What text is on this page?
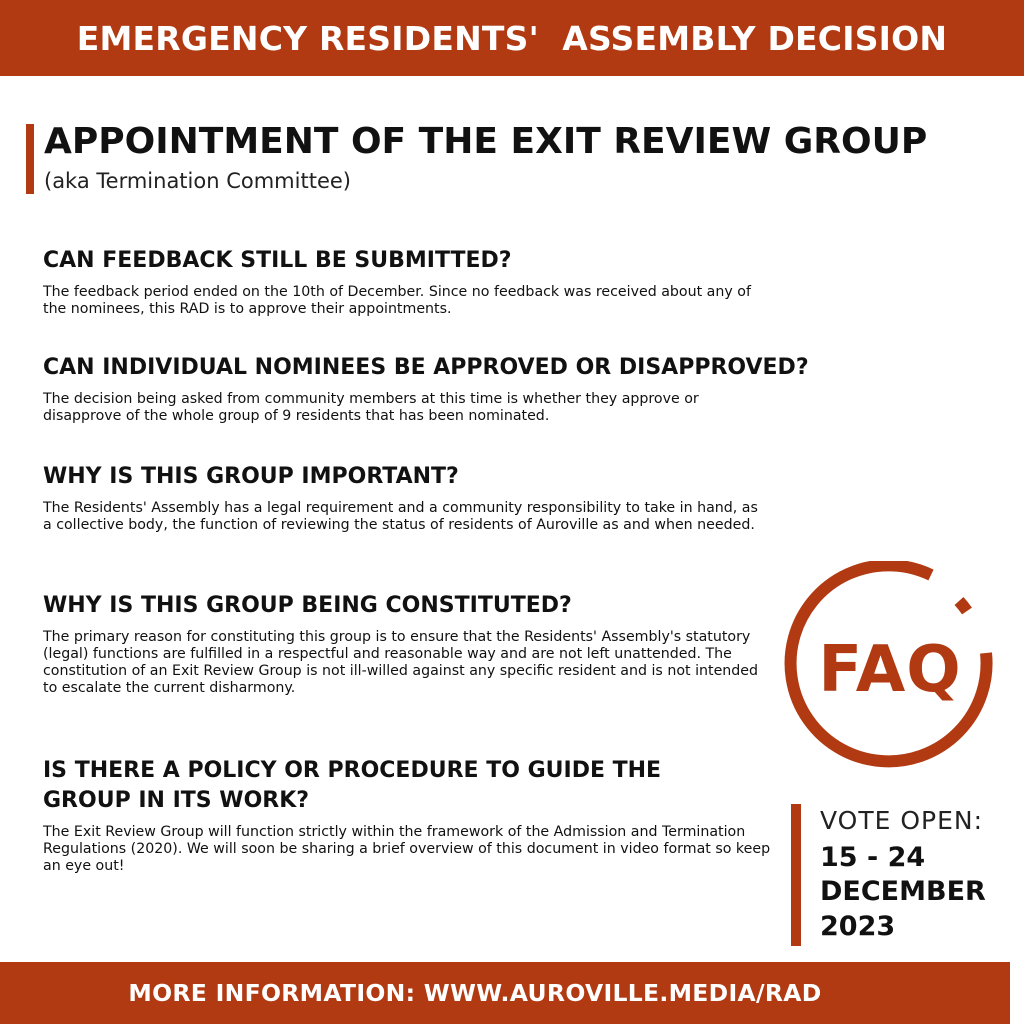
EMERGENCY RESIDENTS'  ASSEMBLY DECISION
APPOINTMENT OF THE EXIT REVIEW GROUP
(aka Termination Committee)
CAN FEEDBACK STILL BE SUBMITTED?

The feedback period ended on the 10th of December. Since no feedback was received about any of the nominees, this RAD is to approve their appointments.

CAN INDIVIDUAL NOMINEES BE APPROVED OR DISAPPROVED?

The decision being asked from community members at this time is whether they approve or disapprove of the whole group of 9 residents that has been nominated.

WHY IS THIS GROUP IMPORTANT?

The Residents' Assembly has a legal requirement and a community responsibility to take in hand, as a collective body, the function of reviewing the status of residents of Auroville as and when needed.

WHY IS THIS GROUP BEING CONSTITUTED?

The primary reason for constituting this group is to ensure that the Residents' Assembly's statutory (legal) functions are fulfilled in a respectful and reasonable way and are not left unattended. The constitution of an Exit Review Group is not ill-willed against any specific resident and is not intended to escalate the current disharmony.

IS THERE A POLICY OR PROCEDURE TO GUIDE THE GROUP IN ITS WORK?

The Exit Review Group will function strictly within the framework of the Admission and Termination Regulations (2020). We will soon be sharing a brief overview of this document in video format so keep an eye out!

FAQ
VOTE OPEN:
15 - 24
DECEMBER
2023
MORE INFORMATION: WWW.AUROVILLE.MEDIA/RAD
